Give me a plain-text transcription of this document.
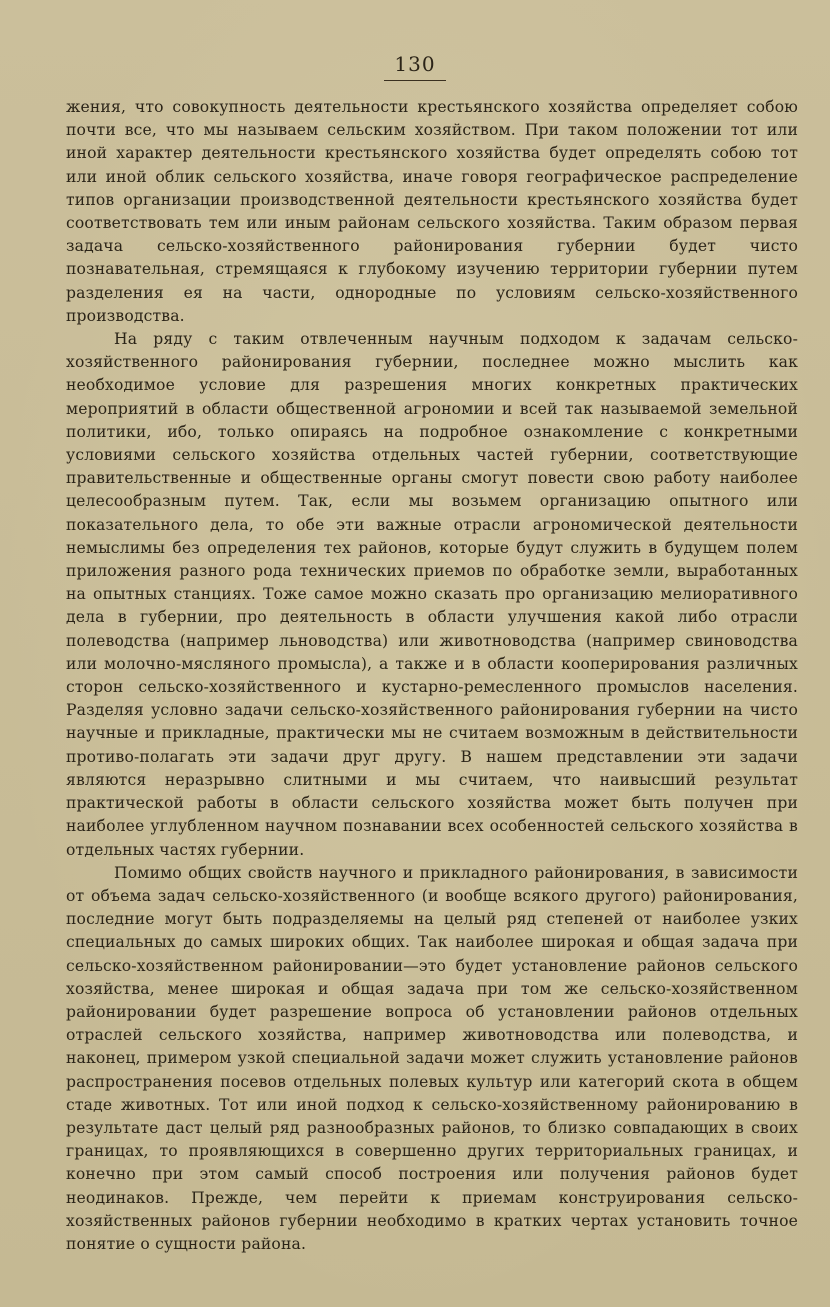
130

жения, что совокупность деятельности крестьянского хозяйства определяет собою почти все, что мы называем сельским хозяйством. При таком положении тот или иной характер деятельности крестьянского хозяйства будет определять собою тот или иной облик сельского хозяйства, иначе говоря географическое распределение типов организации производственной деятельности крестьянского хозяйства будет соответствовать тем или иным районам сельского хозяйства. Таким образом первая задача сельско-хозяйственного районирования губернии будет чисто познавательная, стремящаяся к глубокому изучению территории губернии путем разделения ея на части, однородные по условиям сельско-хозяйственного производства.

На ряду с таким отвлеченным научным подходом к задачам сельско-хозяйственного районирования губернии, последнее можно мыслить как необходимое условие для разрешения многих конкретных практических мероприятий в области общественной агрономии и всей так называемой земельной политики, ибо, только опираясь на подробное ознакомление с конкретными условиями сельского хозяйства отдельных частей губернии, соответствующие правительственные и общественные органы смогут повести свою работу наиболее целесообразным путем. Так, если мы возьмем организацию опытного или показательного дела, то обе эти важные отрасли агрономической деятельности немыслимы без определения тех районов, которые будут служить в будущем полем приложения разного рода технических приемов по обработке земли, выработанных на опытных станциях. Тоже самое можно сказать про организацию мелиоративного дела в губернии, про деятельность в области улучшения какой либо отрасли полеводства (например льноводства) или животноводства (например свиноводства или молочно-мясляного промысла), а также и в области кооперирования различных сторон сельско-хозяйственного и кустарно-ремесленного промыслов населения. Разделяя условно задачи сельско-хозяйственного районирования губернии на чисто научные и прикладные, практически мы не считаем возможным в действительности противо-полагать эти задачи друг другу. В нашем представлении эти задачи являются неразрывно слитными и мы считаем, что наивысший результат практической работы в области сельского хозяйства может быть получен при наиболее углубленном научном познавании всех особенностей сельского хозяйства в отдельных частях губернии.

Помимо общих свойств научного и прикладного районирования, в зависимости от объема задач сельско-хозяйственного (и вообще всякого другого) районирования, последние могут быть подразделяемы на целый ряд степеней от наиболее узких специальных до самых широких общих. Так наиболее широкая и общая задача при сельско-хозяйственном районировании—это будет установление районов сельского хозяйства, менее широкая и общая задача при том же сельско-хозяйственном районировании будет разрешение вопроса об установлении районов отдельных отраслей сельского хозяйства, например животноводства или полеводства, и наконец, примером узкой специальной задачи может служить установление районов распространения посевов отдельных полевых культур или категорий скота в общем стаде животных. Тот или иной подход к сельско-хозяйственному районированию в результате даст целый ряд разнообразных районов, то близко совпадающих в своих границах, то проявляющихся в совершенно других территориальных границах, и конечно при этом самый способ построения или получения районов будет неодинаков. Прежде, чем перейти к приемам конструирования сельско-хозяйственных районов губернии необходимо в кратких чертах установить точное понятие о сущности района.
